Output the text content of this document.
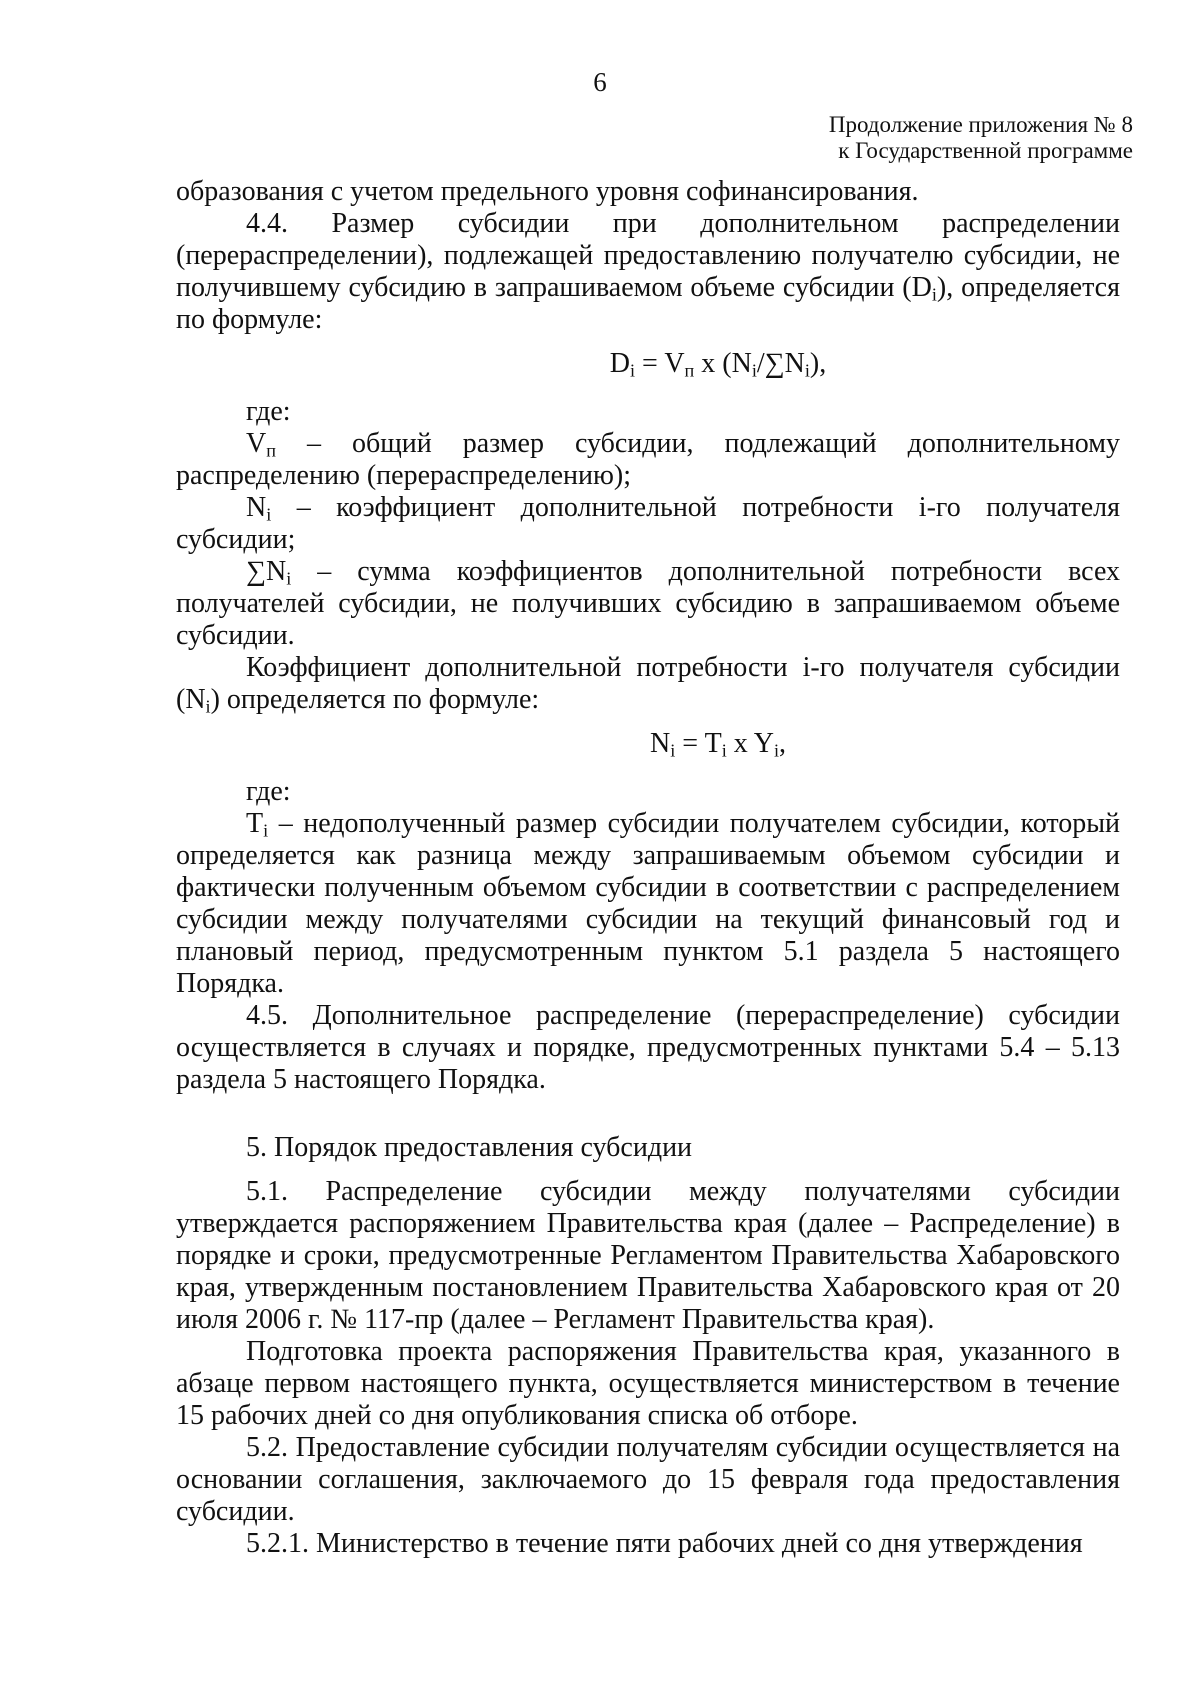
6
Продолжение приложения № 8
к Государственной программе

образования с учетом предельного уровня софинансирования.

4.4. Размер субсидии при дополнительном распределении (перераспределении), подлежащей предоставлению получателю субсидии, не получившему субсидию в запрашиваемом объеме субсидии $(D_i)$, определяется по формуле:

$D_i = V_п$ x $(N_i/\sum N_i)$,

где:

$V_п$ – общий размер субсидии, подлежащий дополнительному распределению (перераспределению);

$N_i$ – коэффициент дополнительной потребности i-го получателя субсидии;

$\sum N_i$ – сумма коэффициентов дополнительной потребности всех получателей субсидии, не получивших субсидию в запрашиваемом объеме субсидии.

Коэффициент дополнительной потребности i-го получателя субсидии $(N_i)$ определяется по формуле:

$N_i = T_i$ x $Y_i$,

где:

$T_i$ – недополученный размер субсидии получателем субсидии, который определяется как разница между запрашиваемым объемом субсидии и фактически полученным объемом субсидии в соответствии с распределением субсидии между получателями субсидии на текущий финансовый год и плановый период, предусмотренным пунктом 5.1 раздела 5 настоящего Порядка.

4.5. Дополнительное распределение (перераспределение) субсидии осуществляется в случаях и порядке, предусмотренных пунктами 5.4 – 5.13 раздела 5 настоящего Порядка.

5. Порядок предоставления субсидии

5.1. Распределение субсидии между получателями субсидии утверждается распоряжением Правительства края (далее – Распределение) в порядке и сроки, предусмотренные Регламентом Правительства Хабаровского края, утвержденным постановлением Правительства Хабаровского края от 20 июля 2006 г. № 117-пр (далее – Регламент Правительства края).

Подготовка проекта распоряжения Правительства края, указанного в абзаце первом настоящего пункта, осуществляется министерством в течение 15 рабочих дней со дня опубликования списка об отборе.

5.2. Предоставление субсидии получателям субсидии осуществляется на основании соглашения, заключаемого до 15 февраля года предоставления субсидии.

5.2.1. Министерство в течение пяти рабочих дней со дня утверждения
